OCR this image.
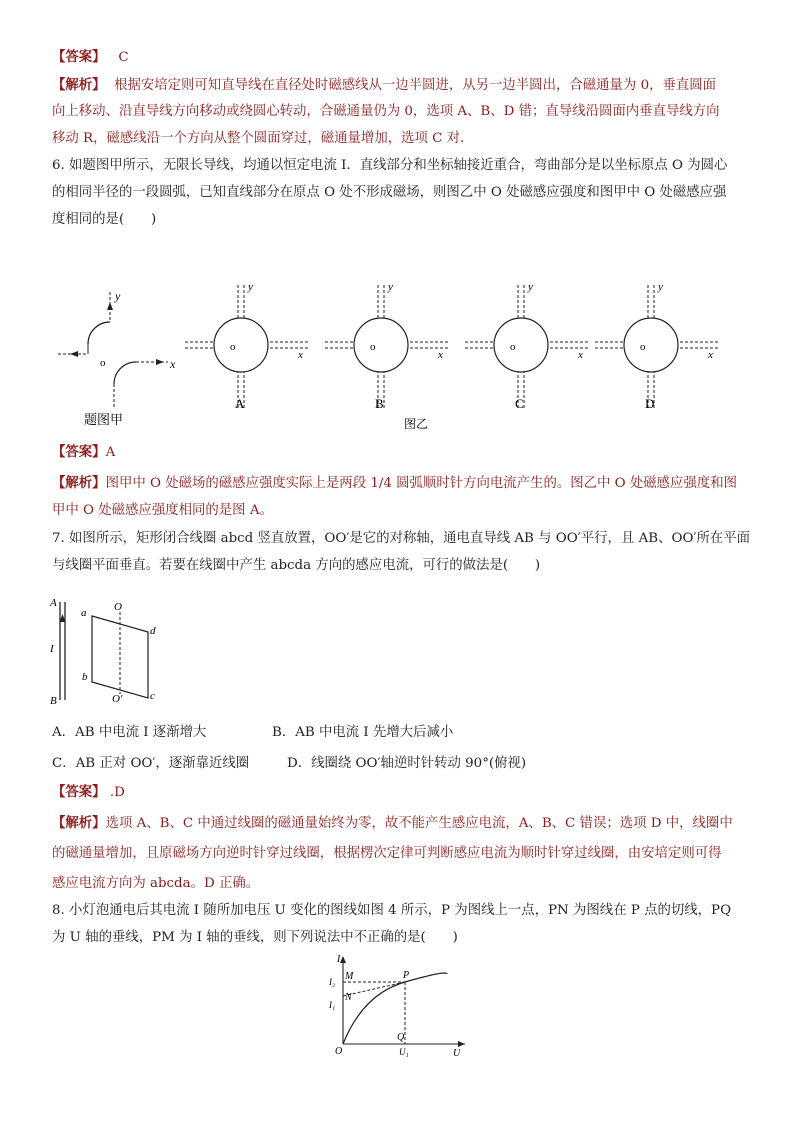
【答案】 C
【解析】 根据安培定则可知直导线在直径处时磁感线从一边半圆进，从另一边半圆出，合磁通量为 0，垂直圆面
向上移动、沿直导线方向移动或绕圆心转动，合磁通量仍为 0，选项 A、B、D 错；直导线沿圆面内垂直导线方向
移动 R，磁感线沿一个方向从整个圆面穿过，磁通量增加，选项 C 对．
6. 如题图甲所示，无限长导线，均通以恒定电流 I．直线部分和坐标轴接近重合，弯曲部分是以坐标原点 O 为圆心
的相同半径的一段圆弧，已知直线部分在原点 O 处不形成磁场，则图乙中 O 处磁感应强度和图甲中 O 处磁感应强
度相同的是(　　)
y
x
o
题图甲
o
y
x
A
o
y
x
B
o
y
x
C
o
y
x
D
图乙
【答案】A
【解析】图甲中 O 处磁场的磁感应强度实际上是两段 1/4 圆弧顺时针方向电流产生的。图乙中 O 处磁感应强度和图
甲中 O 处磁感应强度相同的是图 A。
7. 如图所示，矩形闭合线圈 abcd 竖直放置，OO′是它的对称轴，通电直导线 AB 与 OO′平行，且 AB、OO′所在平面
与线圈平面垂直。若要在线圈中产生 abcda 方向的感应电流，可行的做法是(　　)
A
B
I
a
b
c
d
O
O′
A．AB 中电流 I 逐渐增大	B．AB 中电流 I 先增大后减小
C．AB 正对 OO′，逐渐靠近线圈	D．线圈绕 OO′轴逆时针转动 90°(俯视)
【答案】 .D
【解析】选项 A、B、C 中通过线圈的磁通量始终为零，故不能产生感应电流，A、B、C 错误；选项 D 中，线圈中
的磁通量增加，且原磁场方向逆时针穿过线圈，根据楞次定律可判断感应电流为顺时针穿过线圈，由安培定则可得
感应电流方向为 abcda。D 正确。
8. 小灯泡通电后其电流 I 随所加电压 U 变化的图线如图 4 所示，P 为图线上一点，PN 为图线在 P 点的切线，PQ
为 U 轴的垂线，PM 为 I 轴的垂线，则下列说法中不正确的是(　　)
I
U
O
M
N
P
Q
I₂
I₁
U₁
